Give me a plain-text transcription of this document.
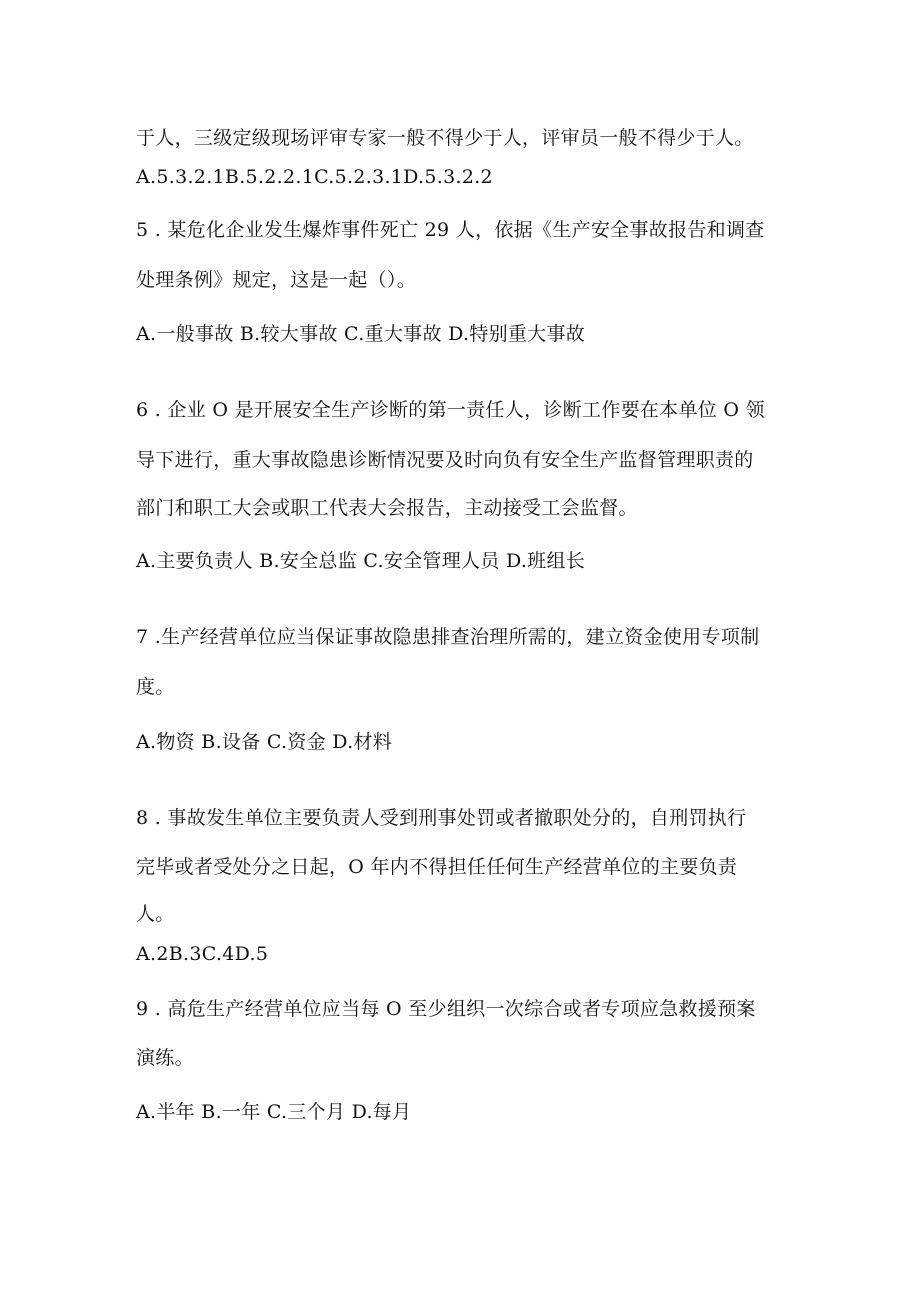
于人，三级定级现场评审专家一般不得少于人，评审员一般不得少于人。
A.5.3.2.1B.5.2.2.1C.5.2.3.1D.5.3.2.2
5 . 某危化企业发生爆炸事件死亡 29 人，依据《生产安全事故报告和调查
处理条例》规定，这是一起（）。
A.一般事故 B.较大事故 C.重大事故 D.特别重大事故
6 . 企业 O 是开展安全生产诊断的第一责任人，诊断工作要在本单位 O 领
导下进行，重大事故隐患诊断情况要及时向负有安全生产监督管理职责的
部门和职工大会或职工代表大会报告，主动接受工会监督。
A.主要负责人 B.安全总监 C.安全管理人员 D.班组长
7 .生产经营单位应当保证事故隐患排查治理所需的，建立资金使用专项制
度。
A.物资 B.设备 C.资金 D.材料
8 . 事故发生单位主要负责人受到刑事处罚或者撤职处分的，自刑罚执行
完毕或者受处分之日起，O 年内不得担任任何生产经营单位的主要负责
人。
A.2B.3C.4D.5
9 . 高危生产经营单位应当每 O 至少组织一次综合或者专项应急救援预案
演练。
A.半年 B.一年 C.三个月 D.每月
